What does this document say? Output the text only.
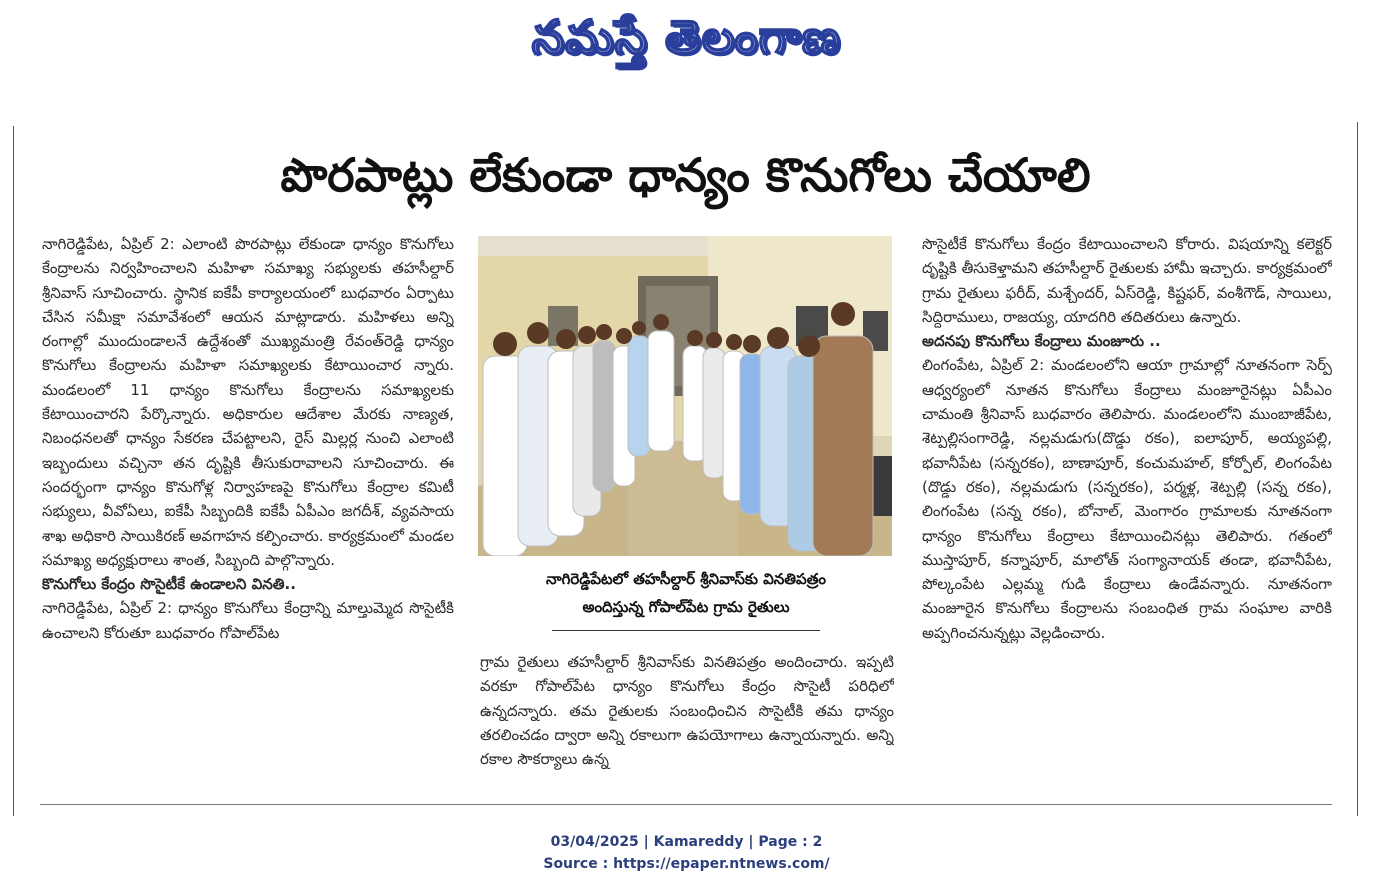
నమస్తే తెలంగాణ
పొరపాట్లు లేకుండా ధాన్యం కొనుగోలు చేయాలి

నాగిరెడ్డిపేట, ఏప్రిల్ 2: ఎలాంటి పొరపాట్లు లేకుండా ధాన్యం కొనుగోలు కేంద్రాలను నిర్వహించాలని మహిళా సమాఖ్య సభ్యులకు తహసీల్దార్ శ్రీనివాస్ సూచించారు. స్థానిక ఐకేపీ కార్యాలయంలో బుధవారం ఏర్పాటు చేసిన సమీక్షా సమావేశంలో ఆయన మాట్లాడారు. మహిళలు అన్ని రంగాల్లో ముందుండాలనే ఉద్దేశంతో ముఖ్యమంత్రి రేవంత్‌రెడ్డి ధాన్యం కొనుగోలు కేంద్రాలను మహిళా సమాఖ్యలకు కేటాయించార న్నారు. మండలంలో 11 ధాన్యం కొనుగోలు కేంద్రాలను సమాఖ్యలకు కేటాయించారని పేర్కొన్నారు. అధికారుల ఆదేశాల మేరకు నాణ్యత, నిబంధనలతో ధాన్యం సేకరణ చేపట్టాలని, రైస్ మిల్లర్ల నుంచి ఎలాంటి ఇబ్బందులు వచ్చినా తన దృష్టికి తీసుకురావాలని సూచించారు. ఈ సందర్భంగా ధాన్యం కొనుగోళ్ల నిర్వాహణపై కొనుగోలు కేంద్రాల కమిటీ సభ్యులు, వీవోఏలు, ఐకేపీ సిబ్బందికి ఐకేపీ ఏపీఎం జగదీశ్, వ్యవసాయ శాఖ అధికారి సాయికిరణ్ అవగాహన కల్పించారు. కార్యక్రమంలో మండల సమాఖ్య అధ్యక్షురాలు శాంత, సిబ్బంది పాల్గొన్నారు.

కొనుగోలు కేంద్రం సొసైటీకే ఉండాలని వినతి..

నాగిరెడ్డిపేట, ఏప్రిల్ 2: ధాన్యం కొనుగోలు కేంద్రాన్ని మాల్తుమ్మెద సొసైటీకి ఉంచాలని కోరుతూ బుధవారం గోపాల్‌పేట

నాగిరెడ్డిపేటలో తహసీల్దార్ శ్రీనివాస్‌కు వినతిపత్రం
అందిస్తున్న గోపాల్‌పేట గ్రామ రైతులు

గ్రామ రైతులు తహసీల్దార్ శ్రీనివాస్‌కు వినతిపత్రం అందించారు. ఇప్పటి వరకూ గోపాల్‌పేట ధాన్యం కొనుగోలు కేంద్రం సొసైటీ పరిధిలో ఉన్నదన్నారు. తమ రైతులకు సంబంధించిన సొసైటీకి తమ ధాన్యం తరలించడం ద్వారా అన్ని రకాలుగా ఉపయోగాలు ఉన్నాయన్నారు. అన్ని రకాల సౌకర్యాలు ఉన్న

సొసైటీకే కొనుగోలు కేంద్రం కేటాయించాలని కోరారు. విషయాన్ని కలెక్టర్ దృష్టికి తీసుకెళ్తామని తహసీల్దార్ రైతులకు హామీ ఇచ్చారు. కార్యక్రమంలో గ్రామ రైతులు ఫరీద్, మశ్చేందర్, ఏస్‌రెడ్డి, కిష్టఫర్, వంశీగౌడ్, సాయిలు, సిద్దిరాములు, రాజయ్య, యాదగిరి తదితరులు ఉన్నారు.

అదనపు కొనుగోలు కేంద్రాలు మంజూరు ..

లింగంపేట, ఏప్రిల్ 2: మండలంలోని ఆయా గ్రామాల్లో నూతనంగా సెర్ప్ ఆధ్వర్యంలో నూతన కొనుగోలు కేంద్రాలు మంజూరైనట్లు ఏపీఎం చామంతి శ్రీనివాస్ బుధవారం తెలిపారు. మండలంలోని ముంబాజీపేట, శెట్పల్లిసంగారెడ్డి, నల్లమడుగు(దొడ్డు రకం), ఐలాపూర్, అయ్యపల్లి, భవానీపేట (సన్నరకం), బాణాపూర్, కంచుమహల్, కోర్పోల్, లింగంపేట (దొడ్డు రకం), నల్లమడుగు (సన్నరకం), పర్మళ్ల, శెట్పల్లి (సన్న రకం), లింగంపేట (సన్న రకం), బోనాల్, మెంగారం గ్రామాలకు నూతనంగా ధాన్యం కొనుగోలు కేంద్రాలు కేటాయించినట్లు తెలిపారు. గతంలో ముస్తాపూర్, కన్నాపూర్, మాలోత్ సంగ్యానాయక్ తండా, భవానీపేట, పోల్కంపేట ఎల్లమ్మ గుడి కేంద్రాలు ఉండేవన్నారు. నూతనంగా మంజూరైన కొనుగోలు కేంద్రాలను సంబంధిత గ్రామ సంఘాల వారికి అప్పగించనున్నట్లు వెల్లడించారు.

03/04/2025 | Kamareddy | Page : 2
Source : https://epaper.ntnews.com/
